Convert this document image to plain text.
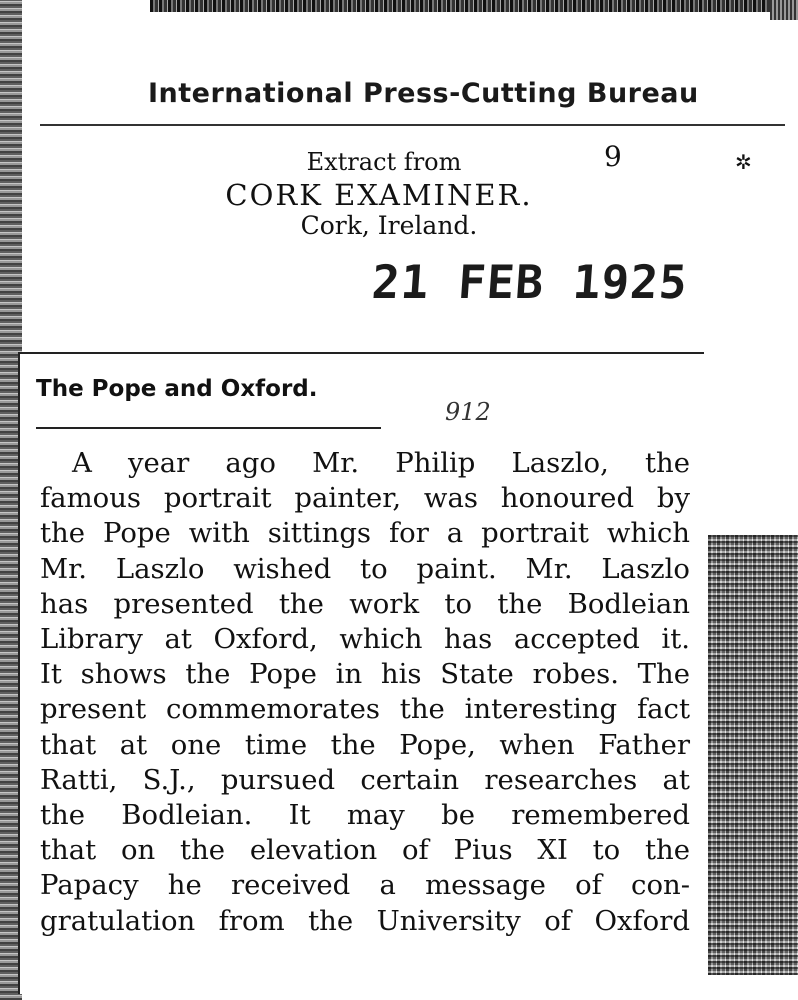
International Press-Cutting Bureau
Extract from
CORK EXAMINER.
Cork, Ireland.
21 FEB 1925
9	✲
The Pope and Oxford.
912
A year ago Mr. Philip Laszlo, the
famous portrait painter, was honoured by
the Pope with sittings for a portrait which
Mr. Laszlo wished to paint. Mr. Laszlo
has presented the work to the Bodleian
Library at Oxford, which has accepted it.
It shows the Pope in his State robes. The
present commemorates the interesting fact
that at one time the Pope, when Father
Ratti, S.J., pursued certain researches at
the Bodleian. It may be remembered
that on the elevation of Pius XI to the
Papacy he received a message of con-
gratulation from the University of Oxford
